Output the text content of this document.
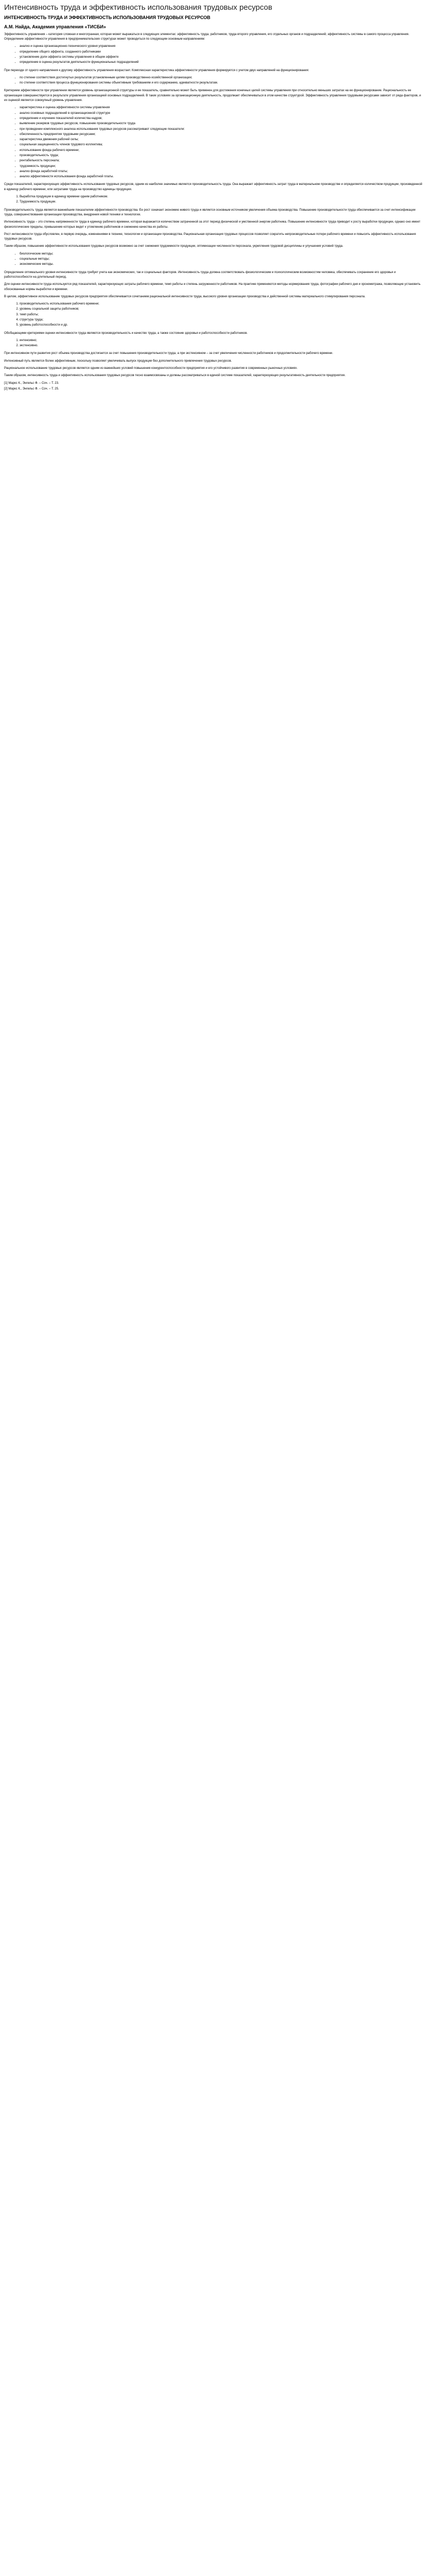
Интенсивность труда и эффективность использования трудовых ресурсов
ИНТЕНСИВНОСТЬ ТРУДА И ЭФФЕКТИВНОСТЬ ИСПОЛЬЗОВАНИЯ ТРУДОВЫХ РЕСУРСОВ
А.М. Найда, Академия управления «ТИСБИ»

Эффективность управления – категория сложная и многогранная, которая может выражаться в следующих элементах: эффективность труда, работников, труда второго управления, его отдельных органов и подразделений; эффективность системы в самого процесса управления. Определение эффективности управления в предпринимательских структурах может проводиться по следующим основным направлениям:

• анализ и оценка организационно-технического уровня управления
• определение общего эффекта, созданного работниками
• установление доли эффекта системы управления в общем эффекте
• определение в оценка результатов деятельности функциональных подразделений

При переходе от одного направления к другому эффективность управления возрастает. Комплексная характеристика эффективности управления формируется с учетом двух направлений на функционирования:

• по степени соответствия достигнутых результатов установленным целям производственно-хозяйственной организации;
• по степени соответствия процесса функционирования системы объективным требованиям и его содержанию, адекватности результатам.

Критерием эффективности при управлении является уровень организационной структуры и ее показатель, сравнительно может быть применен для достижения конечных целей системы управления при относительно меньших затратах на ее функционирование. Рациональность ее организации совершенствуется в результате управления организацией основных подразделений. В таких условиях за организационную деятельность, продолжает обеспечиваться в этом качестве структурой. Эффективность управления трудовыми ресурсами зависит от ряда факторов, и их оценкой является совокупный уровень управления.

• характеристика и оценка эффективности системы управления
• анализ основных подразделений в организационной структуре
• определение и изучение показателей количества кадров;
• выявление резервов трудовых ресурсов, повышение производительности труда
• при проведении комплексного анализа использования трудовых ресурсов рассматривают следующие показатели:
• обеспеченность предприятия трудовыми ресурсами;
• характеристика движения рабочей силы;
• социальная защищенность членов трудового коллектива;
• использование фонда рабочего времени;
• производительность труда;
• рентабельность персонала;
• трудоемкость продукции;
• анализ фонда заработной платы;
• анализ эффективности использования фонда заработной платы.

Среди показателей, характеризующих эффективность использования трудовых ресурсов, одним из наиболее значимых является производительность труда. Она выражает эффективность затрат труда в материальном производстве и определяется количеством продукции, произведенной в единицу рабочего времени, или затратами труда на производство единицы продукции.

1. Выработка продукции в единицу времени одним работником.
2. Трудоемкость продукции.

Производительность труда является важнейшим показателем эффективности производства. Ее рост означает экономию живого труда и является основным источником увеличения объема производства. Повышение производительности труда обеспечивается за счет интенсификации труда, совершенствования организации производства, внедрения новой техники и технологии.

Интенсивность труда – это степень напряженности труда в единицу рабочего времени, которая выражается количеством затраченной за этот период физической и умственной энергии работника. Повышение интенсивности труда приводит к росту выработки продукции, однако оно имеет физиологические пределы, превышение которых ведет к утомлению работников и снижению качества их работы.

Рост интенсивности труда обусловлен, в первую очередь, изменениями в технике, технологии и организации производства. Рациональная организация трудовых процессов позволяет сократить непроизводительные потери рабочего времени и повысить эффективность использования трудовых ресурсов.

Таким образом, повышение эффективности использования трудовых ресурсов возможно за счет снижения трудоемкости продукции, оптимизации численности персонала, укрепления трудовой дисциплины и улучшения условий труда.

• биологические методы;
• социальные методы;
• экономические методы.

Определение оптимального уровня интенсивности труда требует учета как экономических, так и социальных факторов. Интенсивность труда должна соответствовать физиологическим и психологическим возможностям человека, обеспечивать сохранение его здоровья и работоспособности на длительный период.

Для оценки интенсивности труда используется ряд показателей, характеризующих затраты рабочего времени, темп работы и степень загруженности работников. На практике применяются методы нормирования труда, фотографии рабочего дня и хронометража, позволяющие установить обоснованные нормы выработки и времени.

В целом, эффективное использование трудовых ресурсов предприятия обеспечивается сочетанием рациональной интенсивности труда, высокого уровня организации производства и действенной системы материального стимулирования персонала.

1. производительность использования рабочего времени;
2. уровень социальной защиты работников;
3. темп работы;
4. структура труда;
5. уровень работоспособности и др.

Обобщающими критериями оценки интенсивности труда являются производительность и качество труда, а также состояние здоровья и работоспособности работников.

1. интенсивно;
2. экстенсивно.

При интенсивном пути развития рост объема производства достигается за счет повышения производительности труда, а при экстенсивном – за счет увеличения численности работников и продолжительности рабочего времени.

Интенсивный путь является более эффективным, поскольку позволяет увеличивать выпуск продукции без дополнительного привлечения трудовых ресурсов.

Рациональное использование трудовых ресурсов является одним из важнейших условий повышения конкурентоспособности предприятия и его устойчивого развития в современных рыночных условиях.

Таким образом, интенсивность труда и эффективность использования трудовых ресурсов тесно взаимосвязаны и должны рассматриваться в единой системе показателей, характеризующих результативность деятельности предприятия.

[1] Маркс К., Энгельс Ф. – Соч. – Т. 23.
[2] Маркс К., Энгельс Ф. – Соч. – Т. 25.
